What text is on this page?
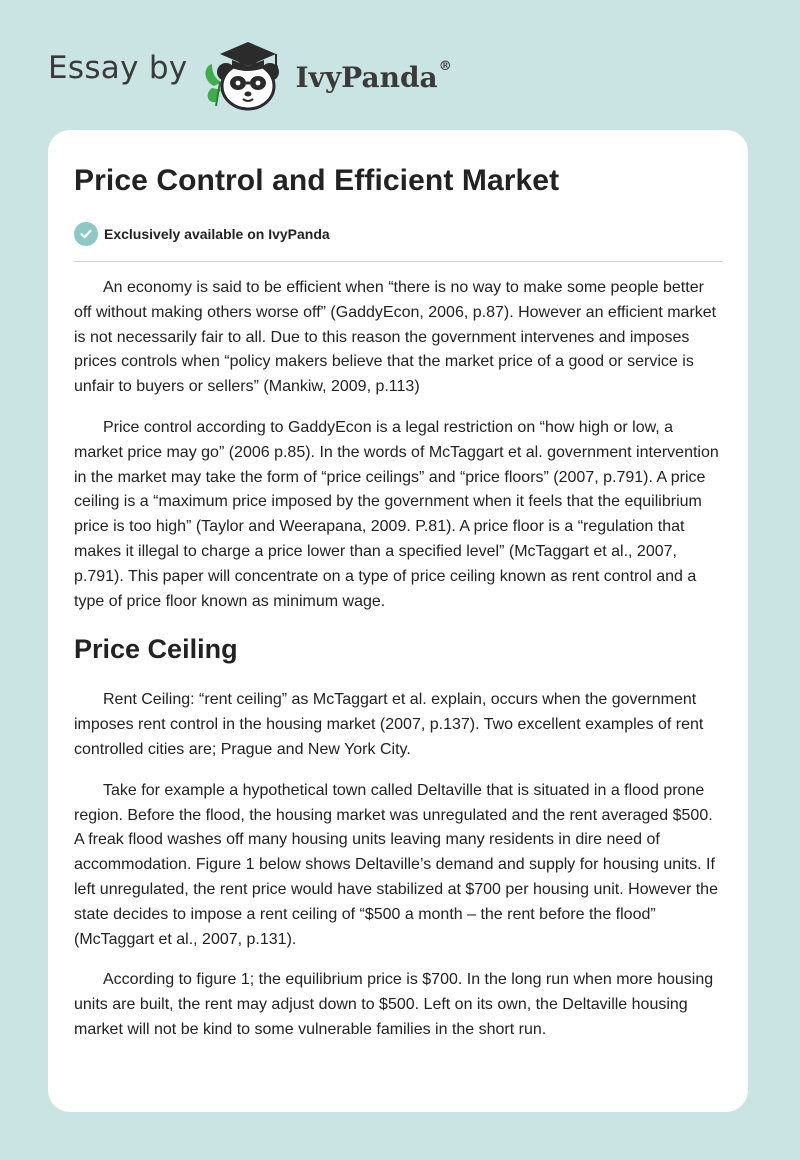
Essay by	IvyPanda®
Price Control and Efficient Market
Exclusively available on IvyPanda

An economy is said to be efficient when “there is no way to make some people better off without making others worse off” (GaddyEcon, 2006, p.87). However an efficient market is not necessarily fair to all. Due to this reason the government intervenes and imposes prices controls when “policy makers believe that the market price of a good or service is unfair to buyers or sellers” (Mankiw, 2009, p.113)

Price control according to GaddyEcon is a legal restriction on “how high or low, a market price may go” (2006 p.85). In the words of McTaggart et al. government intervention in the market may take the form of “price ceilings” and “price floors” (2007, p.791). A price ceiling is a “maximum price imposed by the government when it feels that the equilibrium price is too high” (Taylor and Weerapana, 2009. P.81). A price floor is a “regulation that makes it illegal to charge a price lower than a specified level” (McTaggart et al., 2007, p.791). This paper will concentrate on a type of price ceiling known as rent control and a type of price floor known as minimum wage.

Price Ceiling

Rent Ceiling: “rent ceiling” as McTaggart et al. explain, occurs when the government imposes rent control in the housing market (2007, p.137). Two excellent examples of rent controlled cities are; Prague and New York City.

Take for example a hypothetical town called Deltaville that is situated in a flood prone region. Before the flood, the housing market was unregulated and the rent averaged $500. A freak flood washes off many housing units leaving many residents in dire need of accommodation. Figure 1 below shows Deltaville’s demand and supply for housing units. If left unregulated, the rent price would have stabilized at $700 per housing unit. However the state decides to impose a rent ceiling of “$500 a month – the rent before the flood” (McTaggart et al., 2007, p.131).

According to figure 1; the equilibrium price is $700. In the long run when more housing units are built, the rent may adjust down to $500. Left on its own, the Deltaville housing market will not be kind to some vulnerable families in the short run.
